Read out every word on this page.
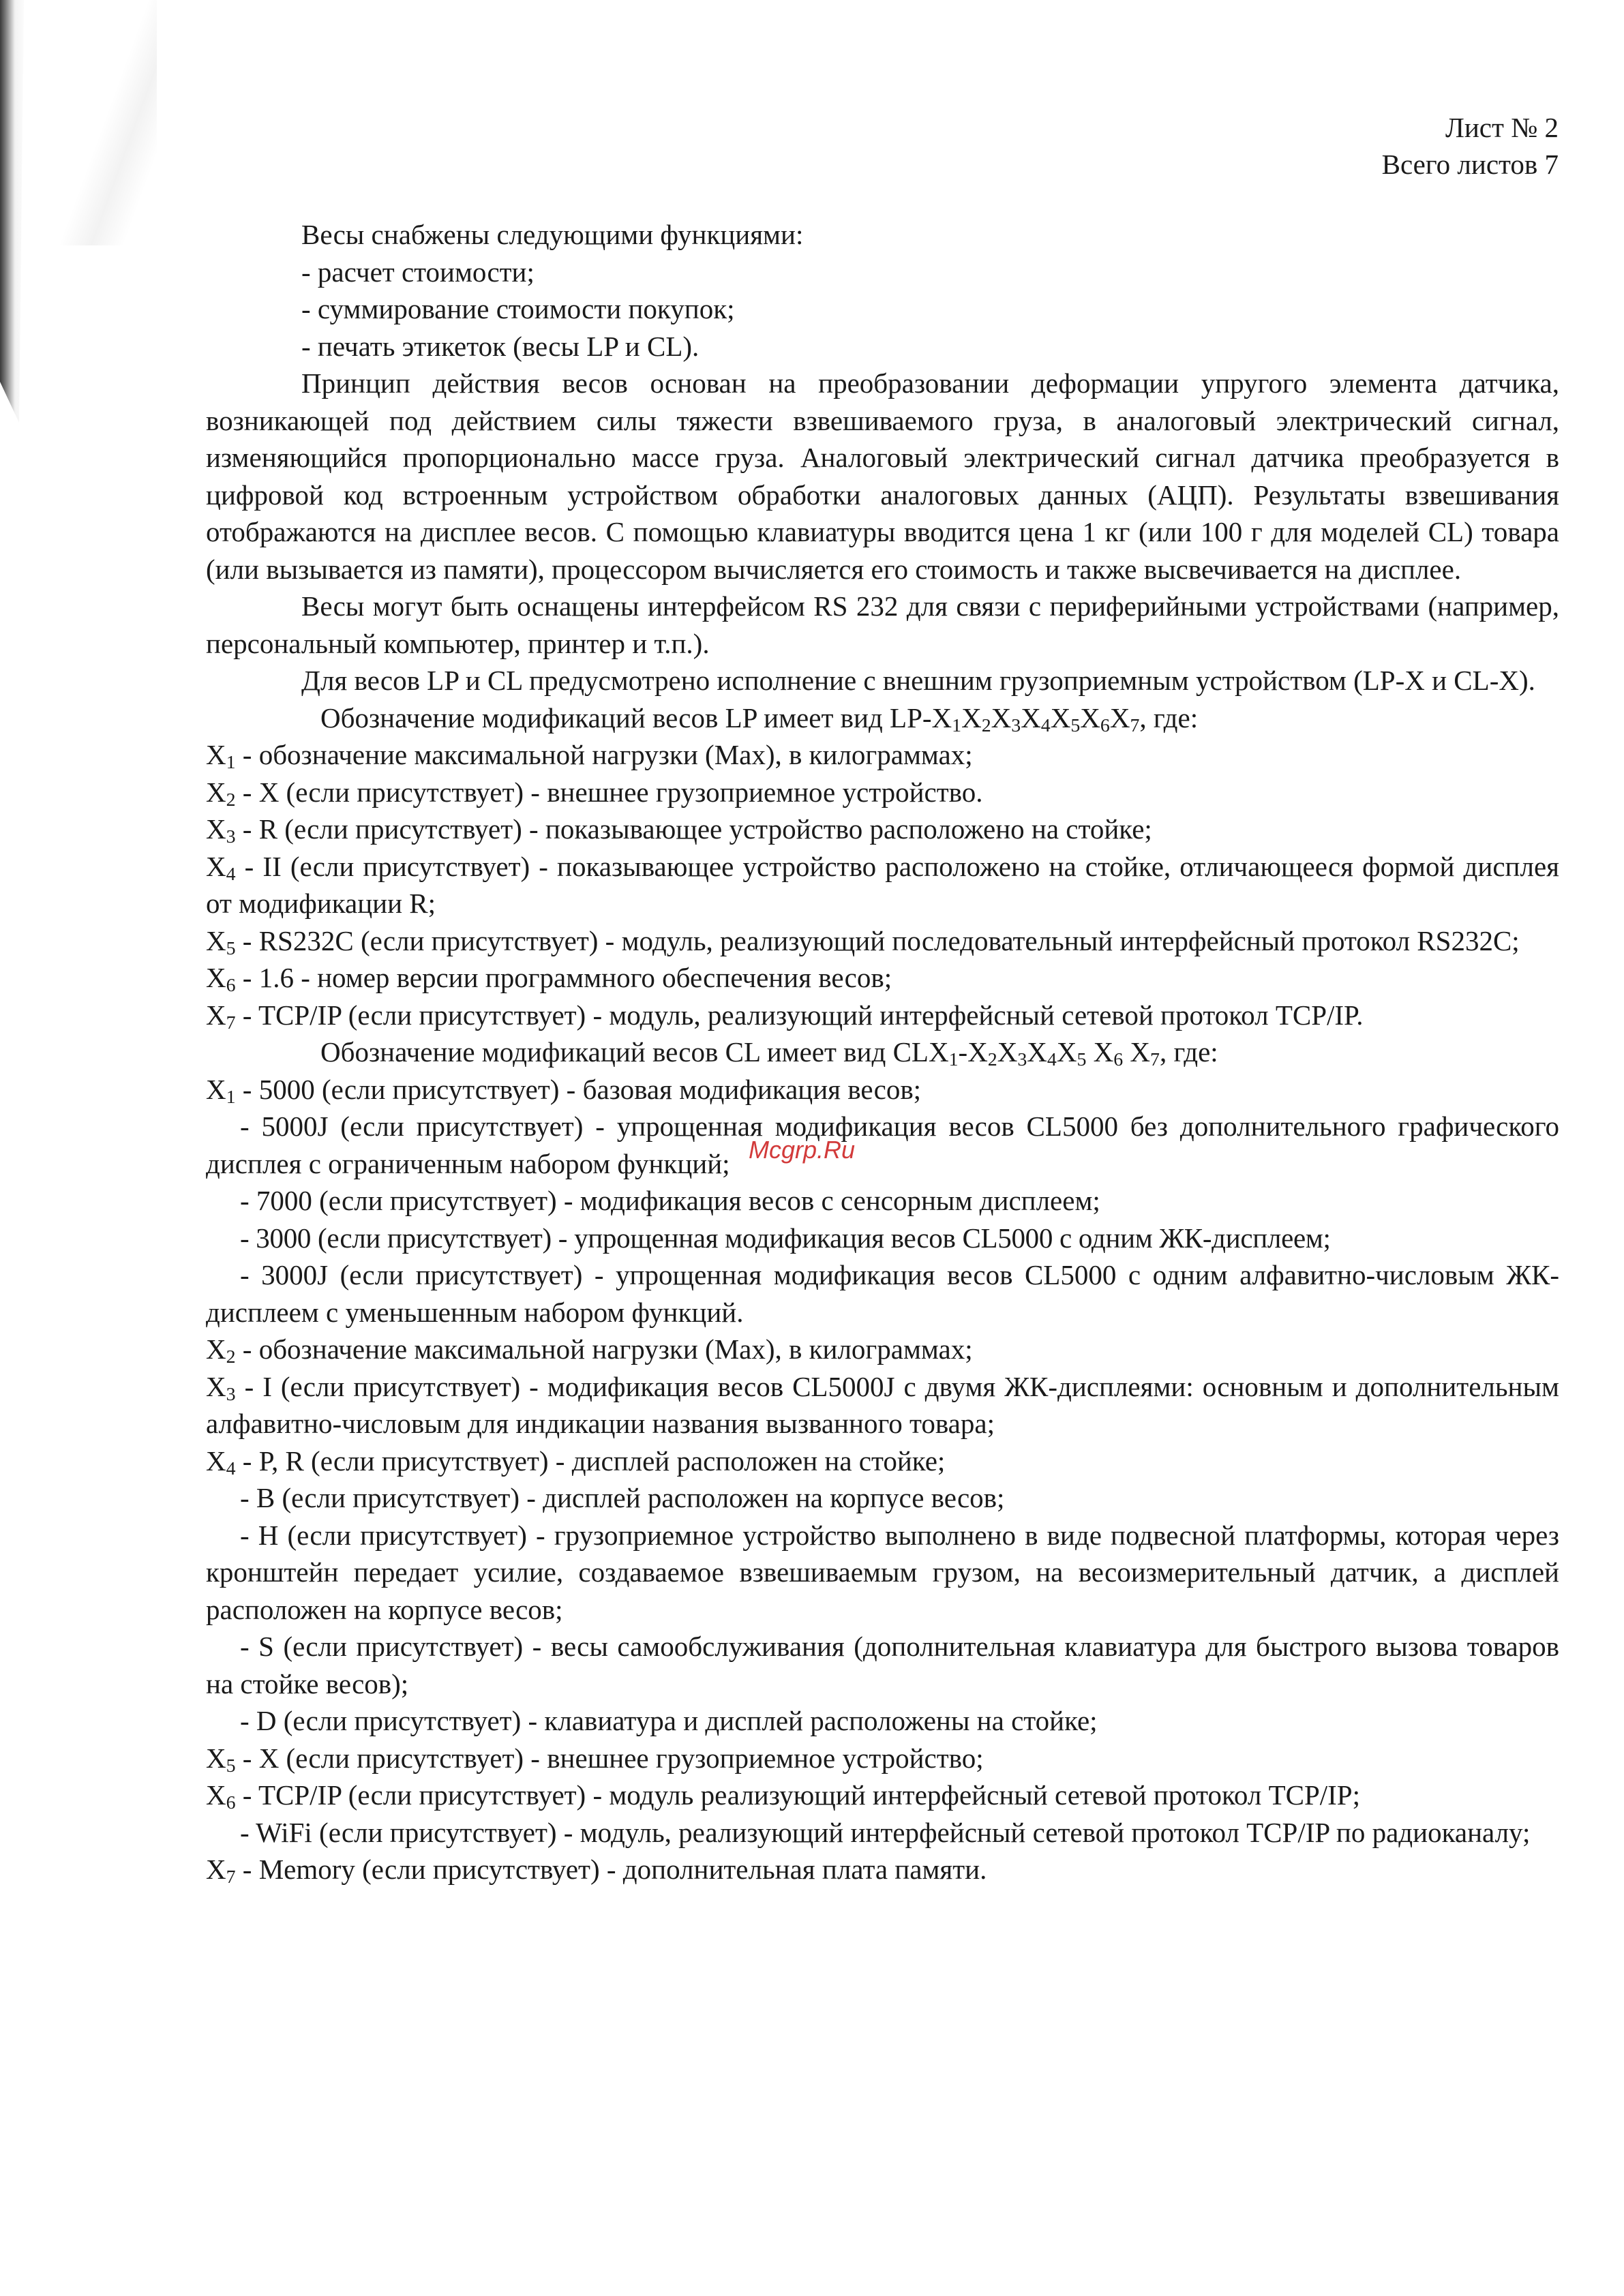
Лист № 2
Всего листов 7

Весы снабжены следующими функциями:

- расчет стоимости;

- суммирование стоимости покупок;

- печать этикеток (весы LP и CL).

Принцип действия весов основан на преобразовании деформации упругого элемента датчика, возникающей под действием силы тяжести взвешиваемого груза, в аналоговый электрический сигнал, изменяющийся пропорционально массе груза. Аналоговый электрический сигнал датчика преобразуется в цифровой код встроенным устройством обработки аналоговых данных (АЦП). Результаты взвешивания отображаются на дисплее весов. С помощью клавиатуры вводится цена 1 кг (или 100 г для моделей CL) товара (или вызывается из памяти), процессором вычисляется его стоимость и также высвечивается на дисплее.

Весы могут быть оснащены интерфейсом RS 232 для связи с периферийными устройствами (например, персональный компьютер, принтер и т.п.).

Для весов LP и CL предусмотрено исполнение с внешним грузоприемным устройством (LP-X и CL-X).

Обозначение модификаций весов LP имеет вид $LP-X_1X_2X_3X_4X_5X_6X_7$, где:

$X_1$ - обозначение максимальной нагрузки (Max), в килограммах;

$X_2$ - X (если присутствует) - внешнее грузоприемное устройство.

$X_3$ - R (если присутствует) - показывающее устройство расположено на стойке;

$X_4$ - II (если присутствует) - показывающее устройство расположено на стойке, отличающееся формой дисплея от модификации R;

$X_5 - RS232C$ (если присутствует) - модуль, реализующий последовательный интерфейсный протокол RS232C;

$X_6 - 1.6$ - номер версии программного обеспечения весов;

$X_7 - TCP/IP$ (если присутствует) - модуль, реализующий интерфейсный сетевой протокол TCP/IP.

Обозначение модификаций весов CL имеет вид $CLX_1-X_2X_3X_4X_5$ $X_6$ $X_7$, где:

$X_1 - 5000$ (если присутствует) - базовая модификация весов;

- 5000J (если присутствует) - упрощенная модификация весов CL5000 без дополнительного графического дисплея с ограниченным набором функций;

- 7000 (если присутствует) - модификация весов с сенсорным дисплеем;

- 3000 (если присутствует) - упрощенная модификация весов CL5000 с одним ЖК-дисплеем;

- 3000J (если присутствует) - упрощенная модификация весов CL5000 с одним алфавитно-числовым ЖК-дисплеем с уменьшенным набором функций.

$X_2$ - обозначение максимальной нагрузки (Max), в килограммах;

$X_3$ - I (если присутствует) - модификация весов CL5000J с двумя ЖК-дисплеями: основным и дополнительным алфавитно-числовым для индикации названия вызванного товара;

$X_4$ - P, R (если присутствует) - дисплей расположен на стойке;

- B (если присутствует) - дисплей расположен на корпусе весов;

- H (если присутствует) - грузоприемное устройство выполнено в виде подвесной платформы, которая через кронштейн передает усилие, создаваемое взвешиваемым грузом, на весоизмерительный датчик, а дисплей расположен на корпусе весов;

- S (если присутствует) - весы самообслуживания (дополнительная клавиатура для быстрого вызова товаров на стойке весов);

- D (если присутствует) - клавиатура и дисплей расположены на стойке;

$X_5$ - X (если присутствует) - внешнее грузоприемное устройство;

$X_6 - TCP/IP$ (если присутствует) - модуль реализующий интерфейсный сетевой протокол TCP/IP;

- WiFi (если присутствует) - модуль, реализующий интерфейсный сетевой протокол TCP/IP по радиоканалу;

$X_7$ - Memory (если присутствует) - дополнительная плата памяти.

Mcgrp.Ru
